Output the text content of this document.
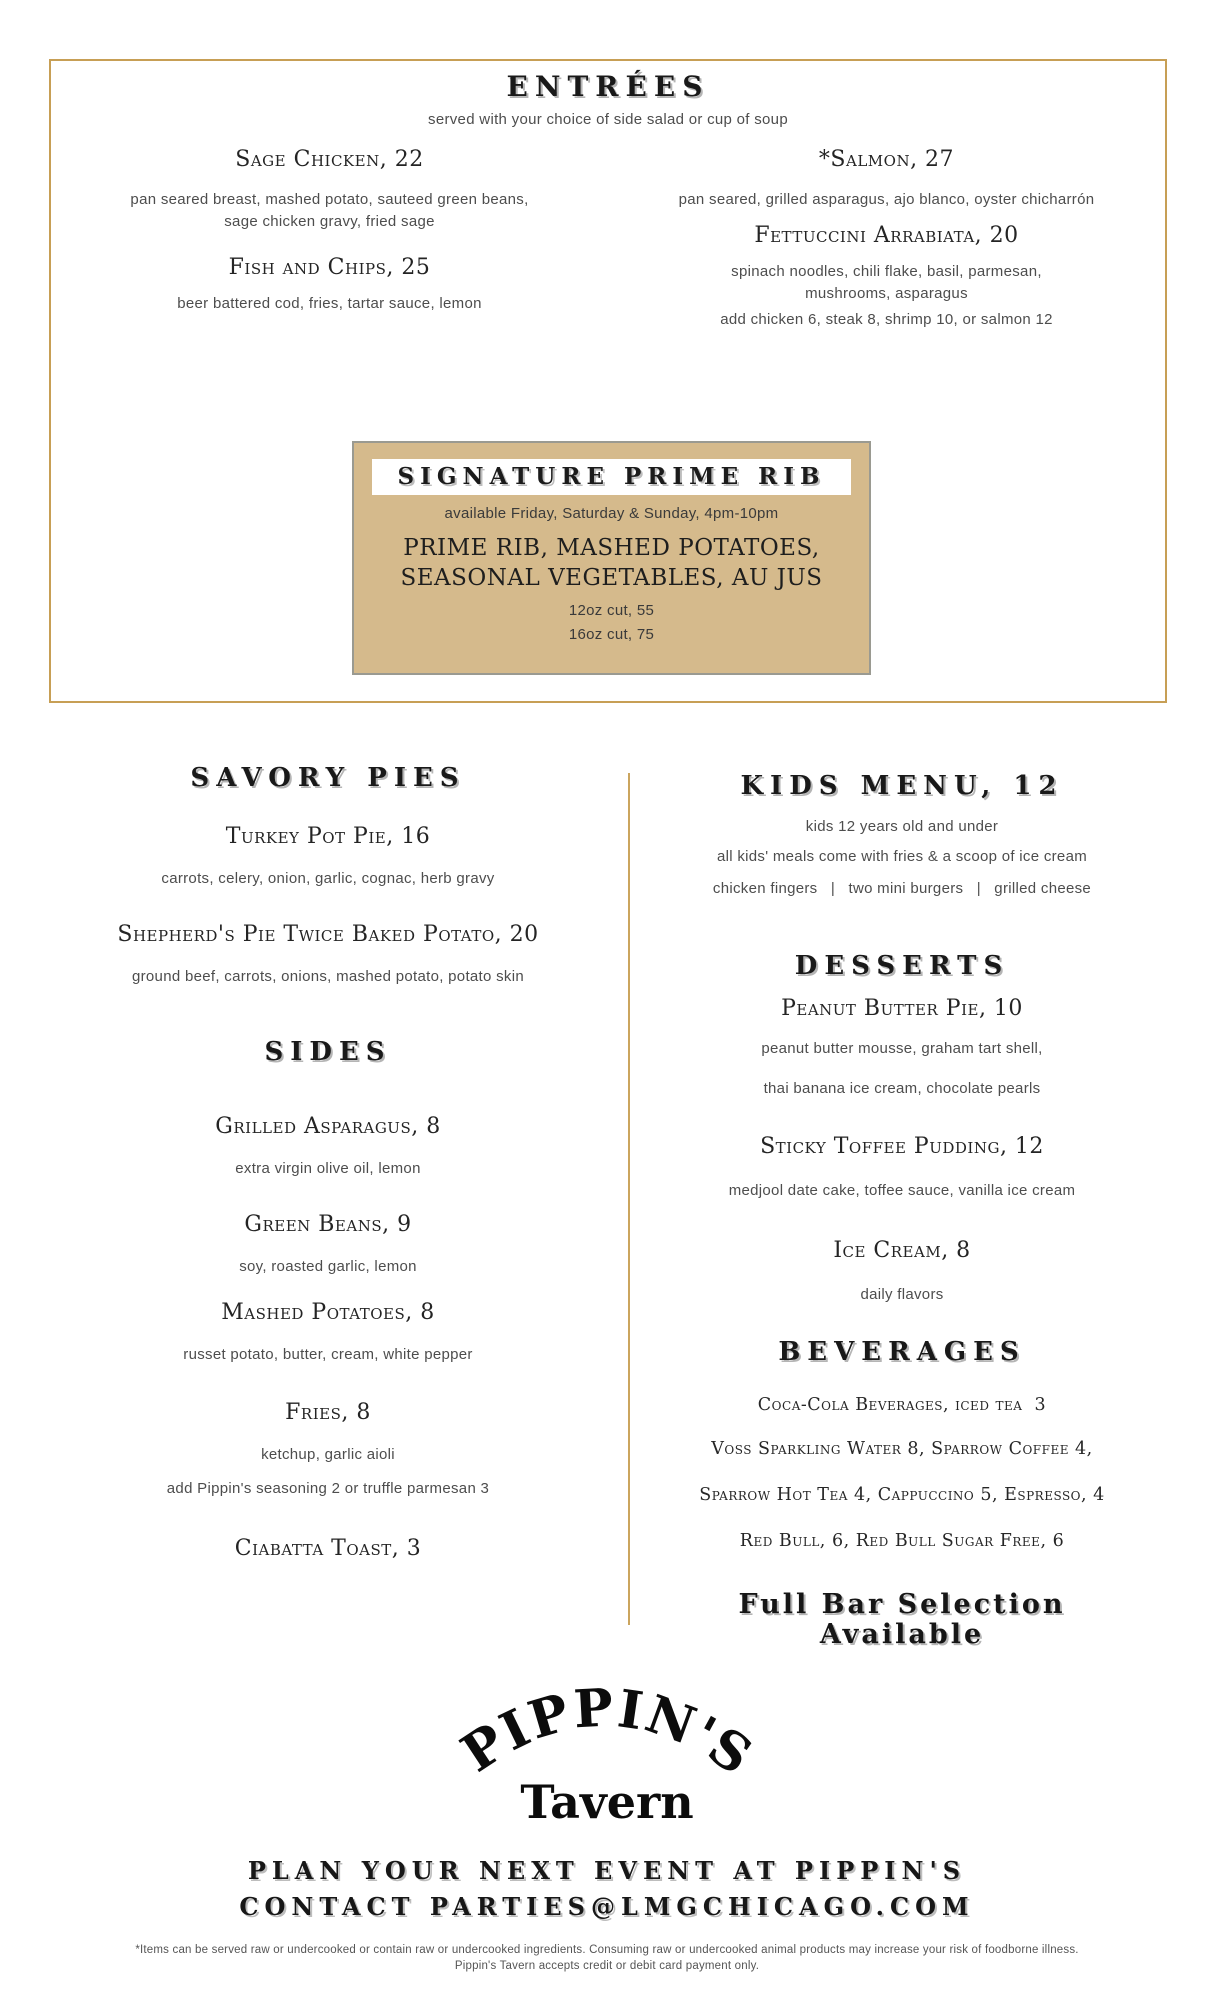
ENTRÉES
served with your choice of side salad or cup of soup
Sage Chicken, 22
pan seared breast, mashed potato, sauteed green beans,
sage chicken gravy, fried sage
Fish and Chips, 25
beer battered cod, fries, tartar sauce, lemon
*Salmon, 27
pan seared, grilled asparagus, ajo blanco, oyster chicharrón
Fettuccini Arrabiata, 20
spinach noodles, chili flake, basil, parmesan,
mushrooms, asparagus
add chicken 6, steak 8, shrimp 10, or salmon 12
SIGNATURE PRIME RIB
available Friday, Saturday & Sunday, 4pm-10pm
PRIME RIB, MASHED POTATOES,
SEASONAL VEGETABLES, AU JUS
12oz cut, 55
16oz cut, 75
SAVORY PIES
Turkey Pot Pie, 16
carrots, celery, onion, garlic, cognac, herb gravy
Shepherd's Pie Twice Baked Potato, 20
ground beef, carrots, onions, mashed potato, potato skin
SIDES
Grilled Asparagus, 8
extra virgin olive oil, lemon
Green Beans, 9
soy, roasted garlic, lemon
Mashed Potatoes, 8
russet potato, butter, cream, white pepper
Fries, 8
ketchup, garlic aioli
add Pippin's seasoning 2 or truffle parmesan 3
Ciabatta Toast, 3
KIDS MENU, 12
kids 12 years old and under
all kids' meals come with fries & a scoop of ice cream
chicken fingers   |   two mini burgers   |   grilled cheese
DESSERTS
Peanut Butter Pie, 10
peanut butter mousse, graham tart shell,
thai banana ice cream, chocolate pearls
Sticky Toffee Pudding, 12
medjool date cake, toffee sauce, vanilla ice cream
Ice Cream, 8
daily flavors
BEVERAGES
Coca-Cola Beverages, iced tea  3
Voss Sparkling Water 8, Sparrow Coffee 4,
Sparrow Hot Tea 4, Cappuccino 5, Espresso, 4
Red Bull, 6, Red Bull Sugar Free, 6
Full Bar Selection
Available
PIPPIN'S
Tavern
PLAN YOUR NEXT EVENT AT PIPPIN'S
CONTACT PARTIES@LMGCHICAGO.COM
*Items can be served raw or undercooked or contain raw or undercooked ingredients. Consuming raw or undercooked animal products may increase your risk of foodborne illness.
Pippin's Tavern accepts credit or debit card payment only.
